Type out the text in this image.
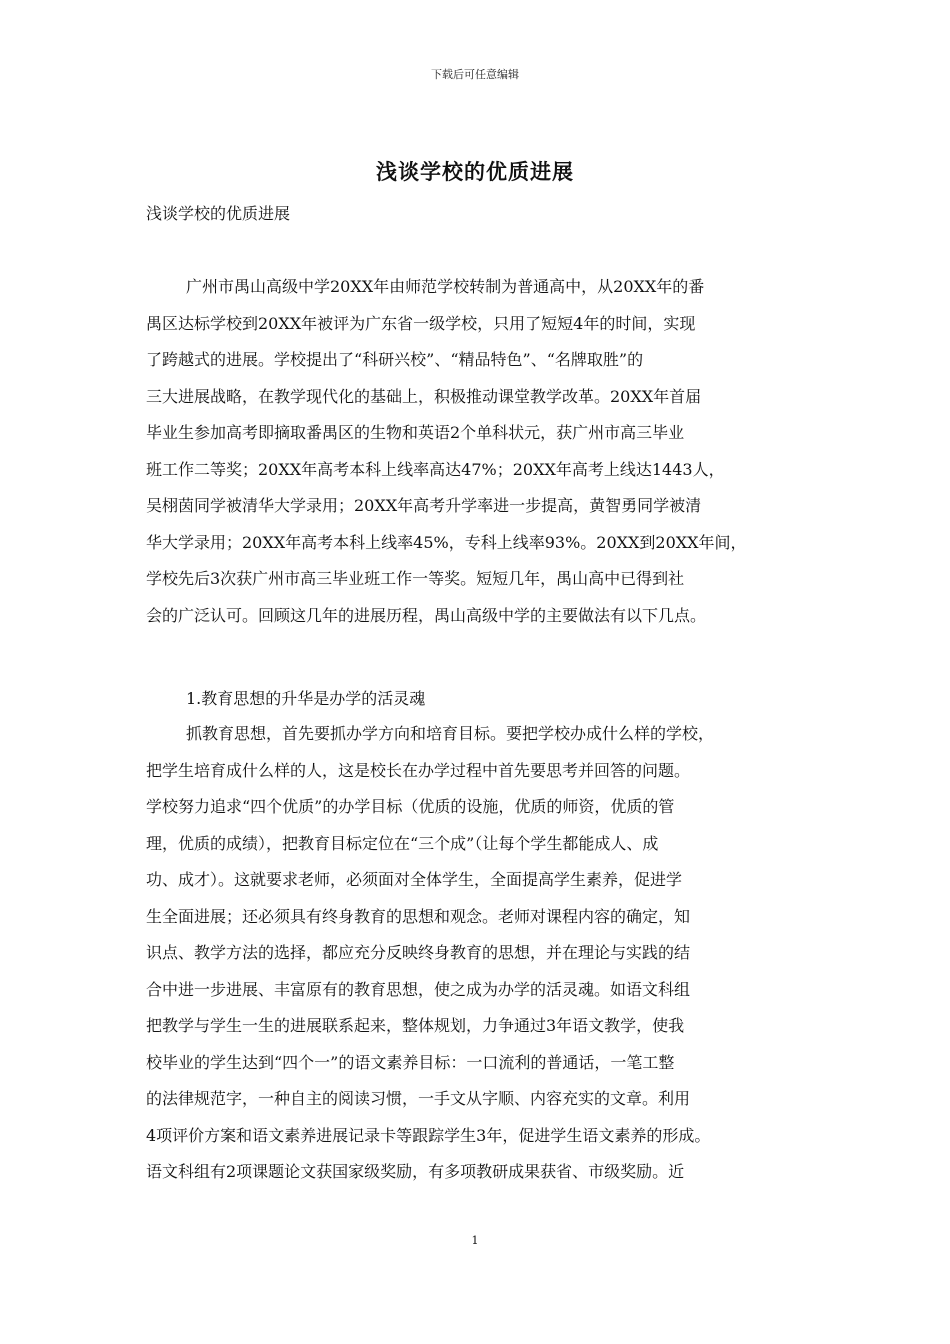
下载后可任意编辑
浅谈学校的优质进展
浅谈学校的优质进展
广州市禺山高级中学20XX年由师范学校转制为普通高中，从20XX年的番
禺区达标学校到20XX年被评为广东省一级学校，只用了短短4年的时间，实现
了跨越式的进展。学校提出了“科研兴校”、“精品特色”、“名牌取胜”的
三大进展战略，在教学现代化的基础上，积极推动课堂教学改革。20XX年首届
毕业生参加高考即摘取番禺区的生物和英语2个单科状元，获广州市高三毕业
班工作二等奖；20XX年高考本科上线率高达47%；20XX年高考上线达1443人，
吴栩茵同学被清华大学录用；20XX年高考升学率进一步提高，黄智勇同学被清
华大学录用；20XX年高考本科上线率45%，专科上线率93%。20XX到20XX年间，
学校先后3次获广州市高三毕业班工作一等奖。短短几年，禺山高中已得到社
会的广泛认可。回顾这几年的进展历程，禺山高级中学的主要做法有以下几点。
1.教育思想的升华是办学的活灵魂
抓教育思想，首先要抓办学方向和培育目标。要把学校办成什么样的学校，
把学生培育成什么样的人，这是校长在办学过程中首先要思考并回答的问题。
学校努力追求“四个优质”的办学目标（优质的设施，优质的师资，优质的管
理，优质的成绩），把教育目标定位在“三个成”（让每个学生都能成人、成
功、成才）。这就要求老师，必须面对全体学生，全面提高学生素养，促进学
生全面进展；还必须具有终身教育的思想和观念。老师对课程内容的确定，知
识点、教学方法的选择，都应充分反映终身教育的思想，并在理论与实践的结
合中进一步进展、丰富原有的教育思想，使之成为办学的活灵魂。如语文科组
把教学与学生一生的进展联系起来，整体规划，力争通过3年语文教学，使我
校毕业的学生达到“四个一”的语文素养目标：一口流利的普通话，一笔工整
的法律规范字，一种自主的阅读习惯，一手文从字顺、内容充实的文章。利用
4项评价方案和语文素养进展记录卡等跟踪学生3年，促进学生语文素养的形成。
语文科组有2项课题论文获国家级奖励，有多项教研成果获省、市级奖励。近
1
